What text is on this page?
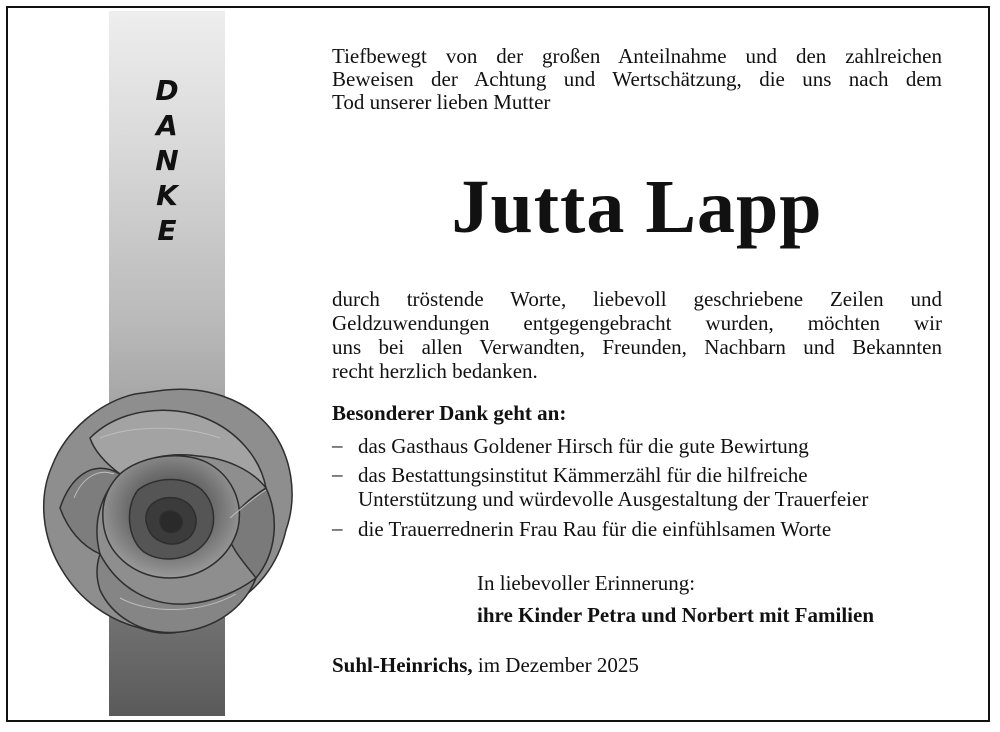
D
A
N
K
E
Tiefbewegt von der großen Anteilnahme und den zahlreichen
Beweisen der Achtung und Wertschätzung, die uns nach dem
Tod unserer lieben Mutter
Jutta Lapp
durch tröstende Worte, liebevoll geschriebene Zeilen und
Geldzuwendungen entgegengebracht wurden, möchten wir
uns bei allen Verwandten, Freunden, Nachbarn und Bekannten
recht herzlich bedanken.
Besonderer Dank geht an:
– das Gasthaus Goldener Hirsch für die gute Bewirtung
– das Bestattungsinstitut Kämmerzähl für die hilfreiche
Unterstützung und würdevolle Ausgestaltung der Trauerfeier
– die Trauerrednerin Frau Rau für die einfühlsamen Worte
In liebevoller Erinnerung:
ihre Kinder Petra und Norbert mit Familien
Suhl-Heinrichs, im Dezember 2025
